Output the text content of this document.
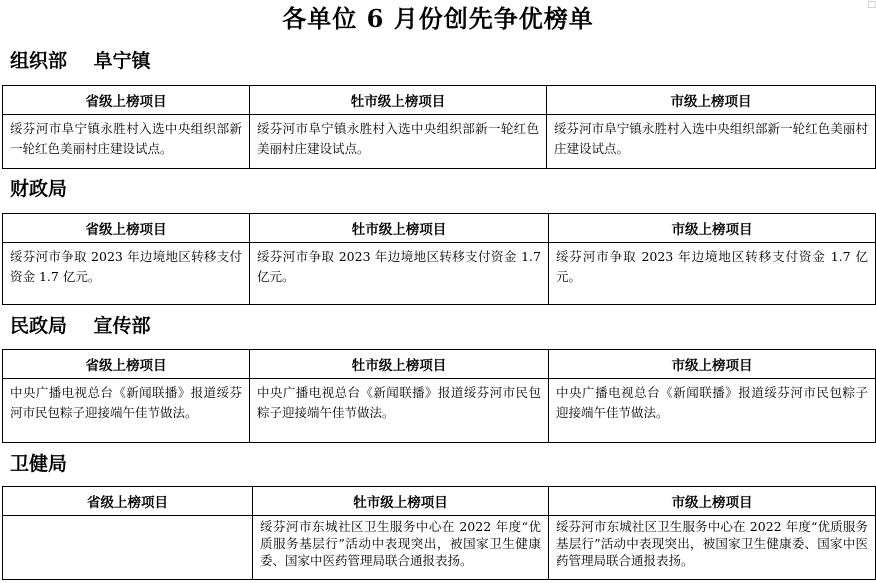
各单位 6 月份创先争优榜单	□
组织部    阜宁镇
省级上榜项目	牡市级上榜项目	市级上榜项目
绥芬河市阜宁镇永胜村入选中央组织部新一轮红色美丽村庄建设试点。	绥芬河市阜宁镇永胜村入选中央组织部新一轮红色美丽村庄建设试点。	绥芬河市阜宁镇永胜村入选中央组织部新一轮红色美丽村庄建设试点。
财政局
省级上榜项目	牡市级上榜项目	市级上榜项目
绥芬河市争取 2023 年边境地区转移支付资金 1.7 亿元。	绥芬河市争取 2023 年边境地区转移支付资金 1.7 亿元。	绥芬河市争取 2023 年边境地区转移支付资金 1.7 亿元。
民政局    宣传部
省级上榜项目	牡市级上榜项目	市级上榜项目
中央广播电视总台《新闻联播》报道绥芬河市民包粽子迎接端午佳节做法。	中央广播电视总台《新闻联播》报道绥芬河市民包粽子迎接端午佳节做法。	中央广播电视总台《新闻联播》报道绥芬河市民包粽子迎接端午佳节做法。
卫健局
省级上榜项目	牡市级上榜项目	市级上榜项目
	绥芬河市东城社区卫生服务中心在 2022 年度“优质服务基层行”活动中表现突出，被国家卫生健康委、国家中医药管理局联合通报表扬。	绥芬河市东城社区卫生服务中心在 2022 年度“优质服务基层行”活动中表现突出，被国家卫生健康委、国家中医药管理局联合通报表扬。
